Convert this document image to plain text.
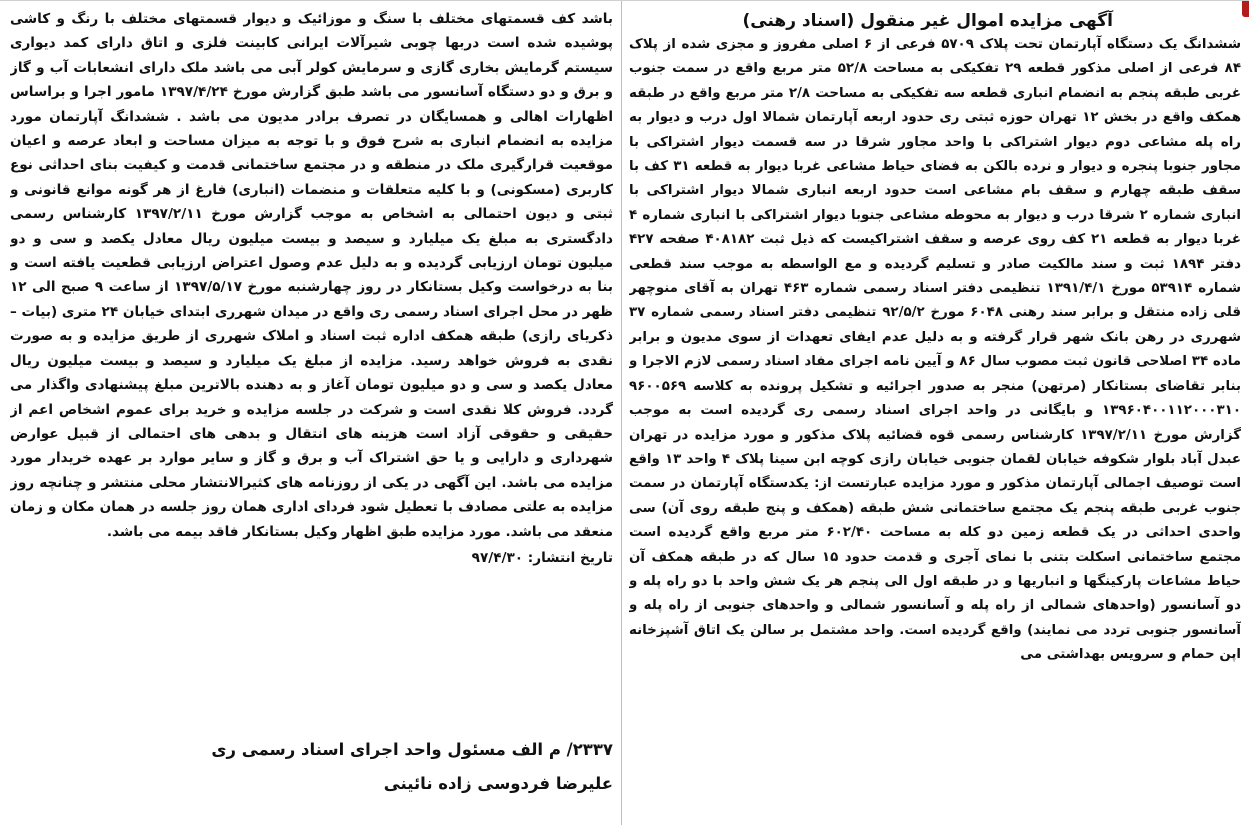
آگهی مزایده اموال غیر منقول (اسناد رهنی)

ششدانگ یک دستگاه آپارتمان تحت پلاک ۵۷۰۹ فرعی از ۶ اصلی مفروز و مجزی شده از پلاک ۸۴ فرعی از اصلی مذکور قطعه ۲۹ تفکیکی به مساحت ۵۲/۸ متر مربع واقع در سمت جنوب غربی طبقه پنجم به انضمام انباری قطعه سه تفکیکی به مساحت ۲/۸ متر مربع واقع در طبقه همکف واقع در بخش ۱۲ تهران حوزه ثبتی ری حدود اربعه آپارتمان شمالا اول درب و دیوار به راه پله مشاعی دوم دیوار اشتراکی با واحد مجاور شرقا در سه قسمت دیوار اشتراکی با مجاور جنوبا پنجره و دیوار و نرده بالکن به فضای حیاط مشاعی غربا دیوار به قطعه ۳۱ کف با سقف طبقه چهارم و سقف بام مشاعی است حدود اربعه انباری شمالا دیوار اشتراکی با انباری شماره ۲ شرقا درب و دیوار به محوطه مشاعی جنوبا دیوار اشتراکی با انباری شماره ۴ غربا دیوار به قطعه ۲۱ کف روی عرصه و سقف اشتراکیست که ذیل ثبت ۴۰۸۱۸۲ صفحه ۴۲۷ دفتر ۱۸۹۴ ثبت و سند مالکیت صادر و تسلیم گردیده و مع الواسطه به موجب سند قطعی شماره ۵۳۹۱۴ مورخ ۱۳۹۱/۴/۱ تنظیمی دفتر اسناد رسمی شماره ۴۶۳ تهران به آقای منوچهر قلی زاده منتقل و برابر سند رهنی ۶۰۴۸ مورخ ۹۲/۵/۲ تنظیمی دفتر اسناد رسمی شماره ۳۷ شهرری در رهن بانک شهر قرار گرفته و به دلیل عدم ایفای تعهدات از سوی مدیون و برابر ماده ۳۴ اصلاحی قانون ثبت مصوب سال ۸۶ و آیین نامه اجرای مفاد اسناد رسمی لازم الاجرا و بنابر تقاضای بستانکار (مرتهن) منجر به صدور اجرائیه و تشکیل پرونده به کلاسه ۹۶۰۰۵۶۹ ۱۳۹۶۰۴۰۰۱۱۲۰۰۰۳۱۰ و بایگانی در واحد اجرای اسناد رسمی ری گردیده است به موجب گزارش مورخ ۱۳۹۷/۲/۱۱ کارشناس رسمی قوه قضائیه پلاک مذکور و مورد مزایده در تهران عبدل آباد بلوار شکوفه خیابان لقمان جنوبی خیابان رازی کوچه ابن سینا پلاک ۴ واحد ۱۳ واقع است توصیف اجمالی آپارتمان مذکور و مورد مزایده عبارتست از: یکدستگاه آپارتمان در سمت جنوب غربی طبقه پنجم یک مجتمع ساختمانی شش طبقه (همکف و پنج طبقه روی آن) سی واحدی احداثی در یک قطعه زمین دو کله به مساحت ۶۰۲/۴۰ متر مربع واقع گردیده است مجتمع ساختمانی اسکلت بتنی با نمای آجری و قدمت حدود ۱۵ سال که در طبقه همکف آن حیاط مشاعات پارکینگها و انباریها و در طبقه اول الی پنجم هر یک شش واحد با دو راه پله و دو آسانسور (واحدهای شمالی از راه پله و آسانسور شمالی و واحدهای جنوبی از راه پله و آسانسور جنوبی تردد می نمایند) واقع گردیده است. واحد مشتمل بر سالن یک اتاق آشپزخانه اپن حمام و سرویس بهداشتی می

باشد کف قسمتهای مختلف با سنگ و موزائیک و دیوار قسمتهای مختلف با رنگ و کاشی پوشیده شده است دربها چوبی شیرآلات ایرانی کابینت فلزی و اتاق دارای کمد دیواری سیستم گرمایش بخاری گازی و سرمایش کولر آبی می باشد ملک دارای انشعابات آب و گاز و برق و دو دستگاه آسانسور می باشد طبق گزارش مورخ ۱۳۹۷/۴/۲۴ مامور اجرا و براساس اظهارات اهالی و همسایگان در تصرف برادر مدیون می باشد . ششدانگ آپارتمان مورد مزایده به انضمام انباری به شرح فوق و با توجه به میزان مساحت و ابعاد عرصه و اعیان موقعیت قرارگیری ملک در منطقه و در مجتمع ساختمانی قدمت و کیفیت بنای احداثی نوع کاربری (مسکونی) و با کلیه متعلقات و منضمات (انباری) فارغ از هر گونه موانع قانونی و ثبتی و دیون احتمالی به اشخاص به موجب گزارش مورخ ۱۳۹۷/۲/۱۱ کارشناس رسمی دادگستری به مبلغ یک میلیارد و سیصد و بیست میلیون ریال معادل یکصد و سی و دو میلیون تومان ارزیابی گردیده و به دلیل عدم وصول اعتراض ارزیابی قطعیت یافته است و بنا به درخواست وکیل بستانکار در روز چهارشنبه مورخ ۱۳۹۷/۵/۱۷ از ساعت ۹ صبح الی ۱۲ ظهر در محل اجرای اسناد رسمی ری واقع در میدان شهرری ابتدای خیابان ۲۴ متری (بیات – ذکریای رازی) طبقه همکف اداره ثبت اسناد و املاک شهرری از طریق مزایده و به صورت نقدی به فروش خواهد رسید. مزایده از مبلغ یک میلیارد و سیصد و بیست میلیون ریال معادل یکصد و سی و دو میلیون تومان آغاز و به دهنده بالاترین مبلغ پیشنهادی واگذار می گردد. فروش کلا نقدی است و شرکت در جلسه مزایده و خرید برای عموم اشخاص اعم از حقیقی و حقوقی آزاد است هزینه های انتقال و بدهی های احتمالی از قبیل عوارض شهرداری و دارایی و یا حق اشتراک آب و برق و گاز و سایر موارد بر عهده خریدار مورد مزایده می باشد. این آگهی در یکی از روزنامه های کثیرالانتشار محلی منتشر و چنانچه روز مزایده به علتی مصادف با تعطیل شود فردای اداری همان روز جلسه در همان مکان و زمان منعقد می باشد. مورد مزایده طبق اظهار وکیل بستانکار فاقد بیمه می باشد.

تاریخ انتشار: ۹۷/۴/۳۰

۲۳۳۷/ م الف مسئول واحد اجرای اسناد رسمی ری
علیرضا فردوسی زاده نائینی
